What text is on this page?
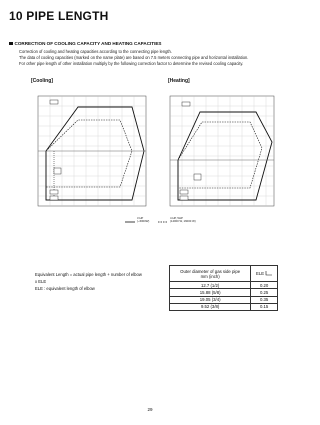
10 PIPE LENGTH
CORRECTION OF COOLING CAPACITY AND HEATING CAPACITIES
Correction of cooling and heating capacities according to the connecting pipe length.
The data of cooling capacities (marked on the name plate) are based on 7.5 meters connecting pipe and horizontal installation.
For other pipe length of other installation multiply by the following correction factor to determine the revised cooling capacity.
[Cooling]	[Heating]
3 HP
(~6000W)
4 HP, 5HP
(14000 W, 16000 W)
Equivalent Length = actual pipe length + number of elbow
x ELE
ELE : equivalent length of elbow
Outer diameter of gas side pipe
mm (inch)	ELE
12.7 (1/2)	0.20
15.88 (5/8)	0.25
19.05 (3/4)	0.35
9.52 (3/8)	0.15
29
